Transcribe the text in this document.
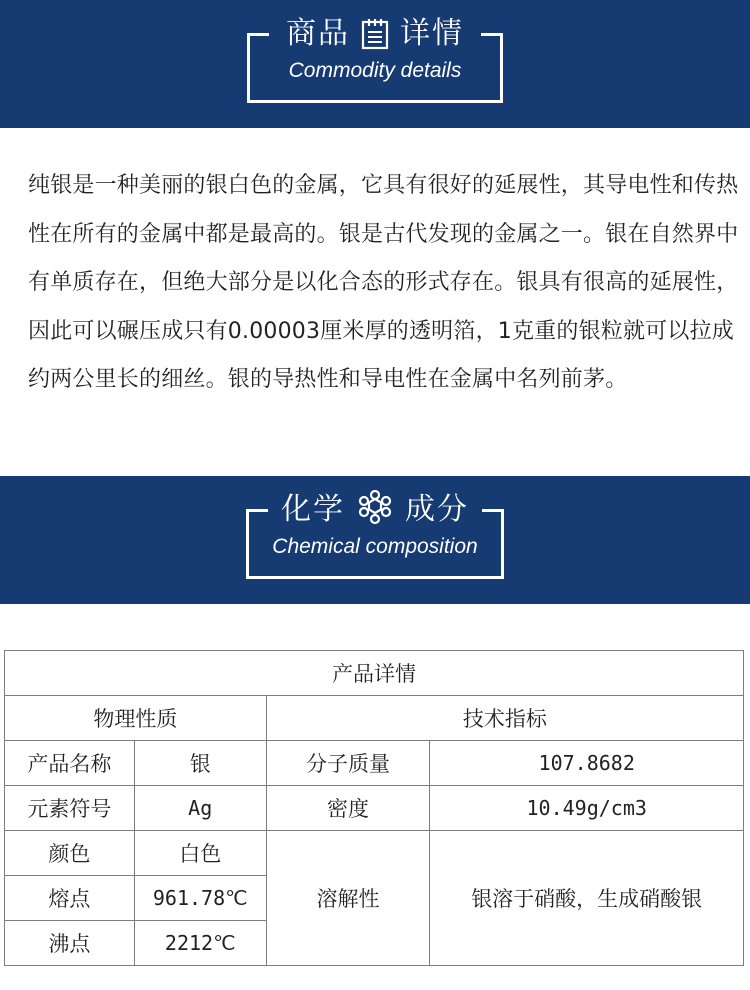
商品 详情
Commodity details
纯银是一种美丽的银白色的金属，它具有很好的延展性，其导电性和传热性在所有的金属中都是最高的。银是古代发现的金属之一。银在自然界中有单质存在，但绝大部分是以化合态的形式存在。银具有很高的延展性，因此可以碾压成只有0.00003厘米厚的透明箔，1克重的银粒就可以拉成约两公里长的细丝。银的导热性和导电性在金属中名列前茅。
化学 成分
Chemical composition
产品详情			
物理性质		技术指标	
产品名称	银	分子质量	107.8682
元素符号	Ag	密度	10.49g/cm3
颜色	白色	溶解性	银溶于硝酸，生成硝酸银
熔点	961.78℃		
沸点	2212℃		
